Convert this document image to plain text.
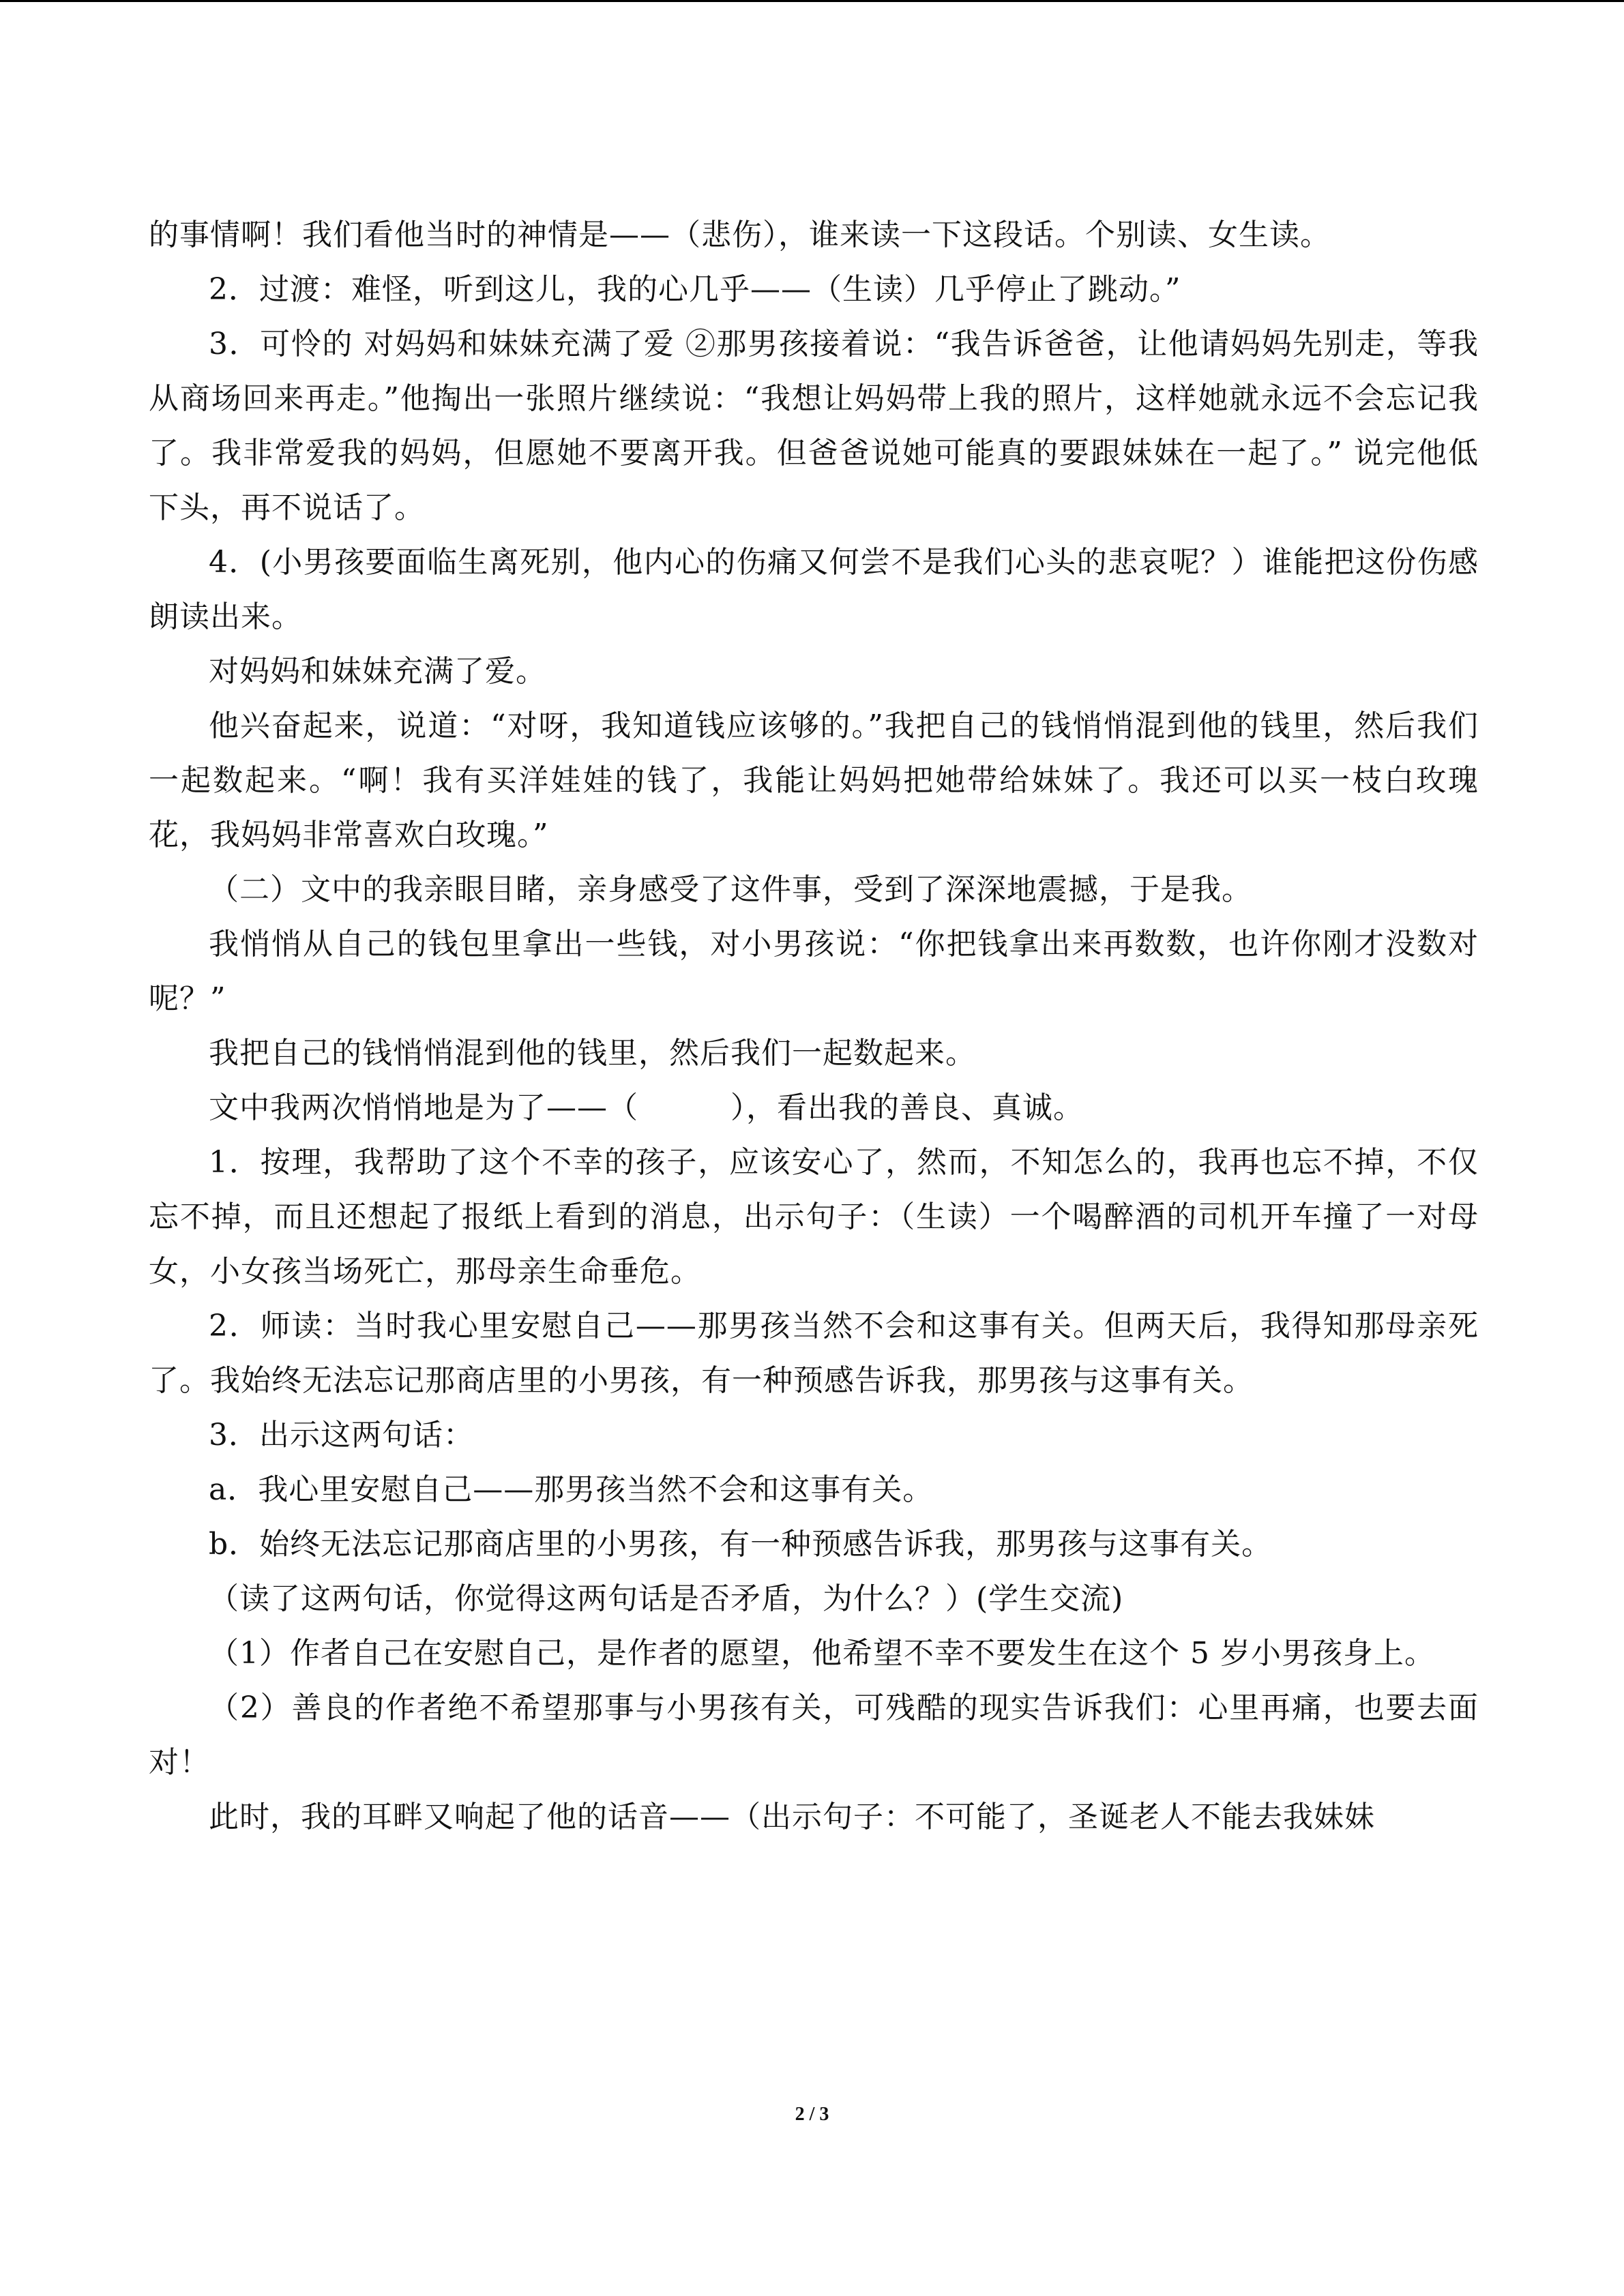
的事情啊！我们看他当时的神情是——（悲伤），谁来读一下这段话。个别读、女生读。

2．过渡：难怪，听到这儿，我的心几乎——（生读）几乎停止了跳动。”

3．可怜的 对妈妈和妹妹充满了爱 ②那男孩接着说：“我告诉爸爸，让他请妈妈先别走，等我从商场回来再走。”他掏出一张照片继续说：“我想让妈妈带上我的照片，这样她就永远不会忘记我了。我非常爱我的妈妈，但愿她不要离开我。但爸爸说她可能真的要跟妹妹在一起了。” 说完他低下头，再不说话了。

4．(小男孩要面临生离死别，他内心的伤痛又何尝不是我们心头的悲哀呢？）谁能把这份伤感朗读出来。

对妈妈和妹妹充满了爱。

他兴奋起来，说道：“对呀，我知道钱应该够的。”我把自己的钱悄悄混到他的钱里，然后我们一起数起来。“啊！我有买洋娃娃的钱了，我能让妈妈把她带给妹妹了。我还可以买一枝白玫瑰花，我妈妈非常喜欢白玫瑰。”

（二）文中的我亲眼目睹，亲身感受了这件事，受到了深深地震撼，于是我。

我悄悄从自己的钱包里拿出一些钱，对小男孩说：“你把钱拿出来再数数，也许你刚才没数对呢？”

我把自己的钱悄悄混到他的钱里，然后我们一起数起来。

文中我两次悄悄地是为了——（　　　），看出我的善良、真诚。

1．按理，我帮助了这个不幸的孩子，应该安心了，然而，不知怎么的，我再也忘不掉，不仅忘不掉，而且还想起了报纸上看到的消息，出示句子：（生读）一个喝醉酒的司机开车撞了一对母女，小女孩当场死亡，那母亲生命垂危。

2．师读：当时我心里安慰自己——那男孩当然不会和这事有关。但两天后，我得知那母亲死了。我始终无法忘记那商店里的小男孩，有一种预感告诉我，那男孩与这事有关。

3．出示这两句话：

a．我心里安慰自己——那男孩当然不会和这事有关。

b．始终无法忘记那商店里的小男孩，有一种预感告诉我，那男孩与这事有关。

（读了这两句话，你觉得这两句话是否矛盾，为什么？）(学生交流)

（1）作者自己在安慰自己，是作者的愿望，他希望不幸不要发生在这个 5 岁小男孩身上。

（2）善良的作者绝不希望那事与小男孩有关，可残酷的现实告诉我们：心里再痛，也要去面对！

此时，我的耳畔又响起了他的话音——（出示句子：不可能了，圣诞老人不能去我妹妹

2 / 3
